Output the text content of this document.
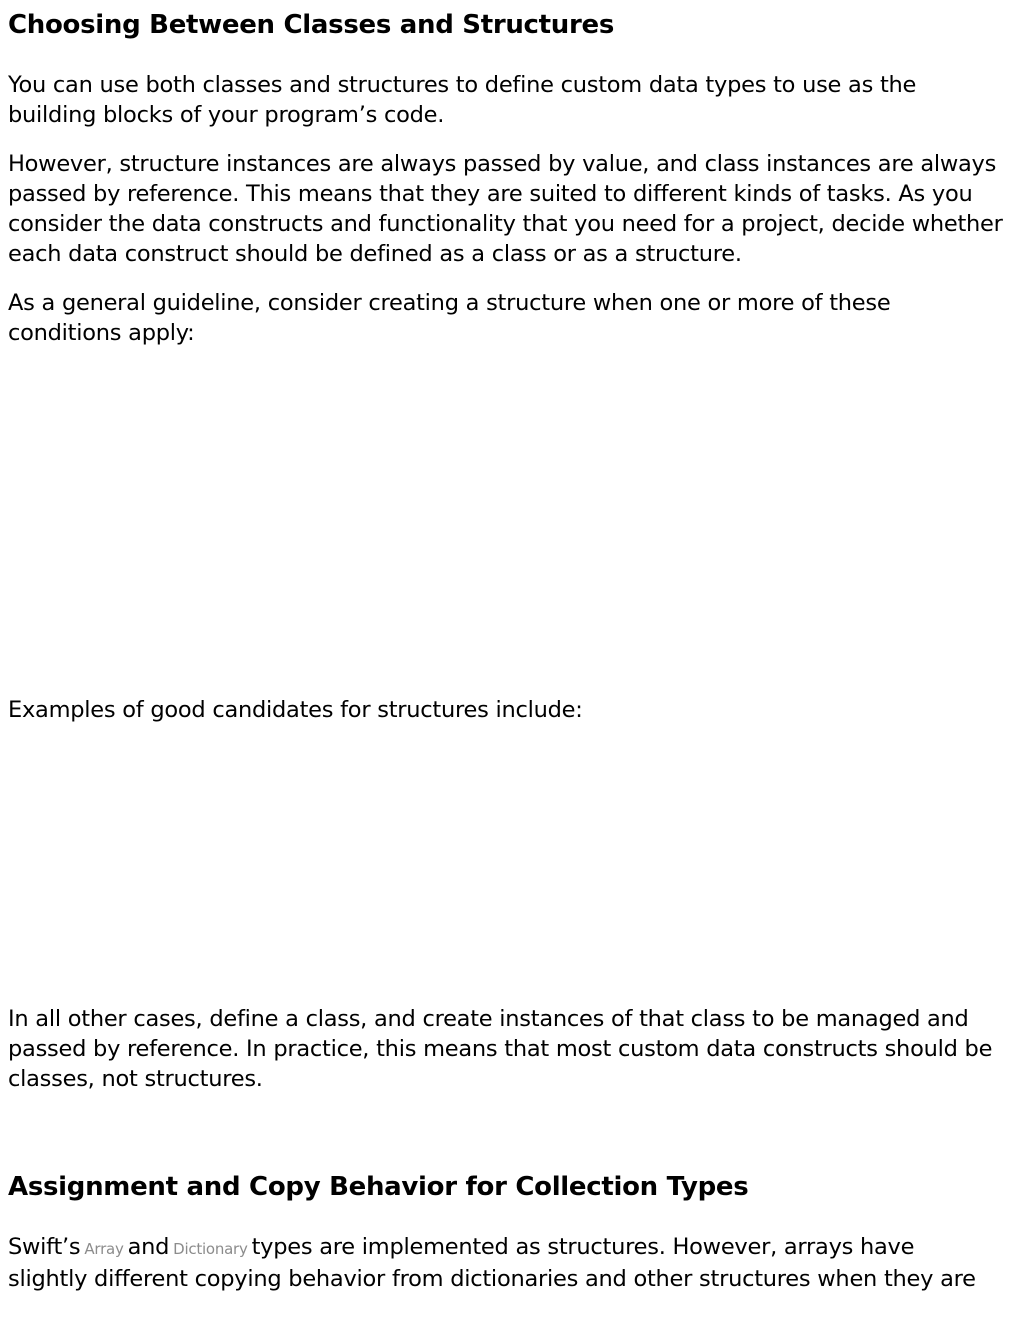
Choosing Between Classes and Structures

You can use both classes and structures to define custom data types to use as the
building blocks of your program’s code.

However, structure instances are always passed by value, and class instances are always
passed by reference. This means that they are suited to different kinds of tasks. As you
consider the data constructs and functionality that you need for a project, decide whether
each data construct should be defined as a class or as a structure.

As a general guideline, consider creating a structure when one or more of these
conditions apply:

Examples of good candidates for structures include:

In all other cases, define a class, and create instances of that class to be managed and
passed by reference. In practice, this means that most custom data constructs should be
classes, not structures.

Assignment and Copy Behavior for Collection Types

Swift’s Array and Dictionary types are implemented as structures. However, arrays have
slightly different copying behavior from dictionaries and other structures when they are
